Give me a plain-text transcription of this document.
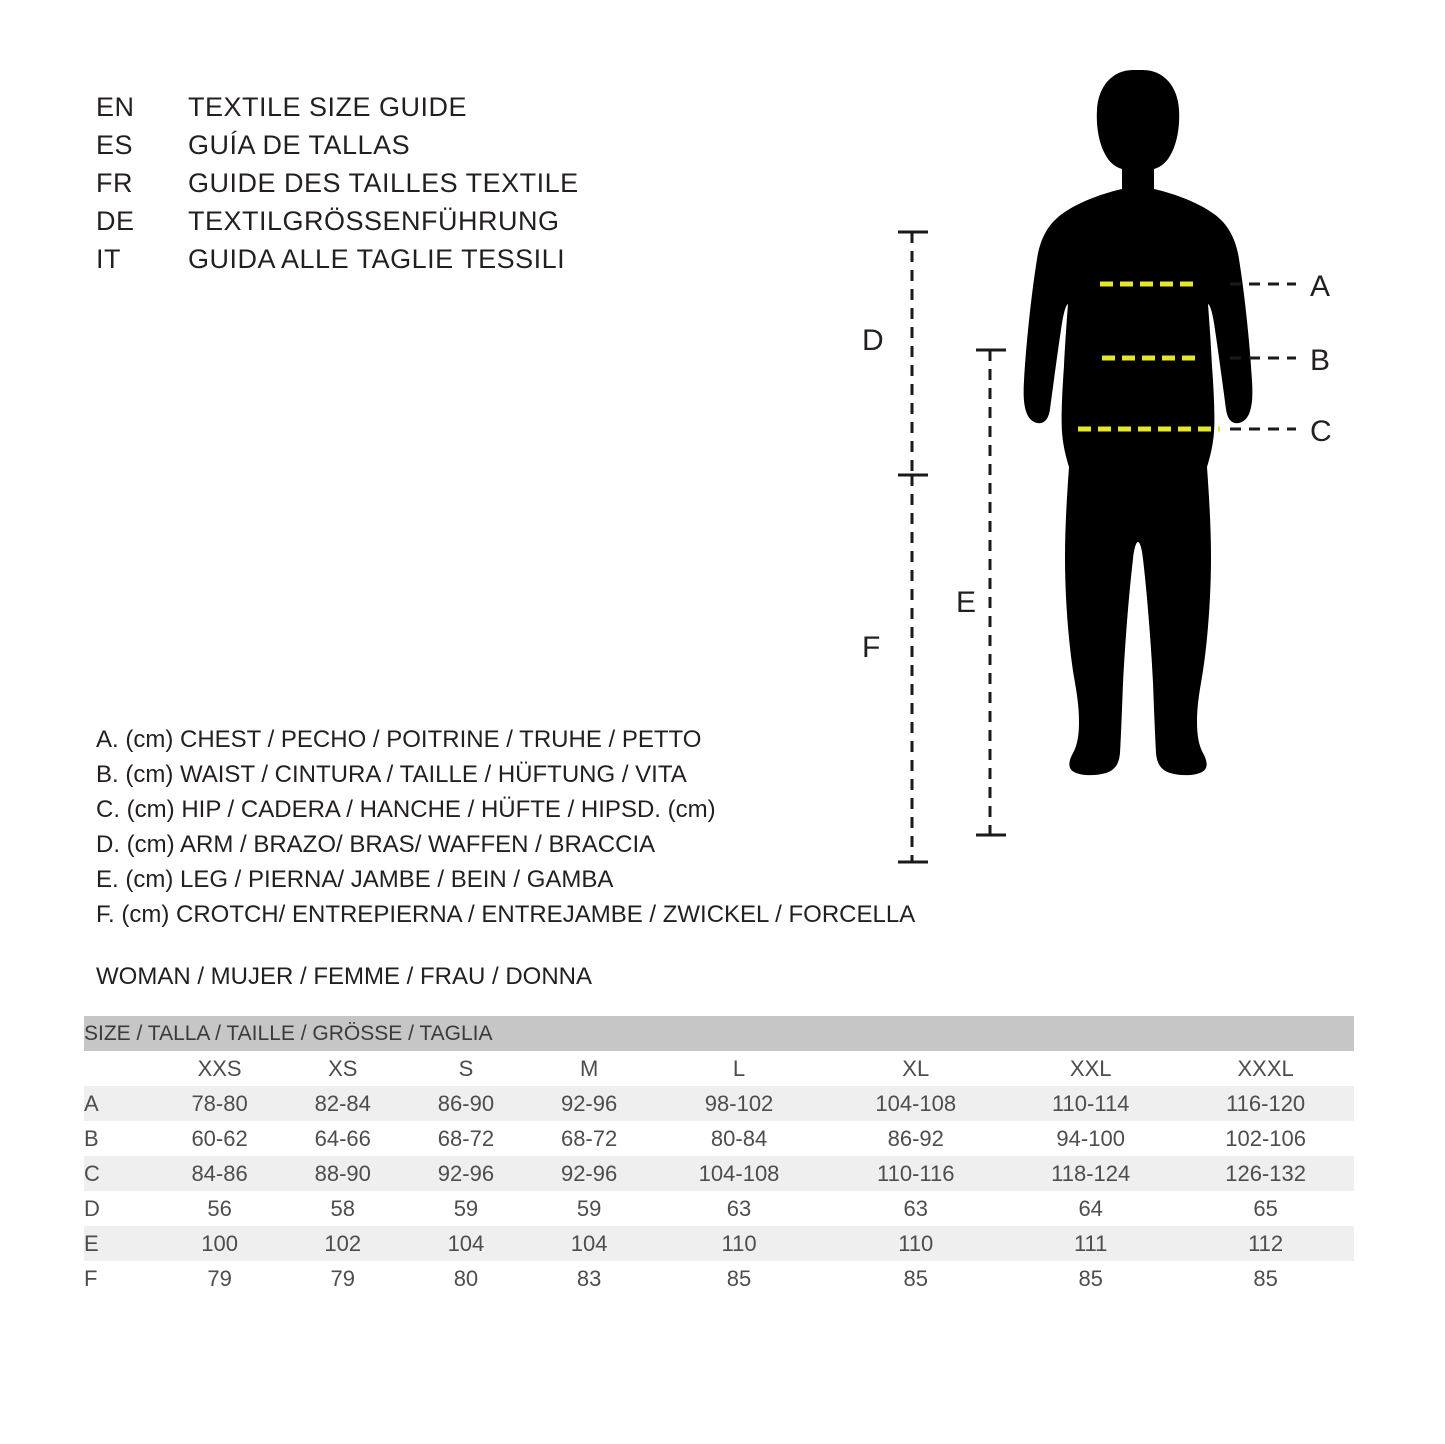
EN	TEXTILE SIZE GUIDE
ES	GUÍA DE TALLAS
FR	GUIDE DES TAILLES TEXTILE
DE	TEXTILGRÖSSENFÜHRUNG
IT	GUIDA ALLE TAGLIE TESSILI
A
B
C
D
E
F
A. (cm) CHEST / PECHO / POITRINE / TRUHE / PETTO
B. (cm) WAIST / CINTURA / TAILLE / HÜFTUNG / VITA
C. (cm) HIP / CADERA / HANCHE / HÜFTE / HIPSD. (cm)
D. (cm) ARM / BRAZO/ BRAS/ WAFFEN / BRACCIA
E. (cm) LEG / PIERNA/ JAMBE / BEIN / GAMBA
F. (cm) CROTCH/ ENTREPIERNA / ENTREJAMBE / ZWICKEL / FORCELLA
WOMAN / MUJER / FEMME / FRAU / DONNA
SIZE / TALLA / TAILLE / GRÖSSE / TAGLIA								
	XXS	XS	S	M	L	XL	XXL	XXXL
A	78-80	82-84	86-90	92-96	98-102	104-108	110-114	116-120
B	60-62	64-66	68-72	68-72	80-84	86-92	94-100	102-106
C	84-86	88-90	92-96	92-96	104-108	110-116	118-124	126-132
D	56	58	59	59	63	63	64	65
E	100	102	104	104	110	110	111	112
F	79	79	80	83	85	85	85	85
